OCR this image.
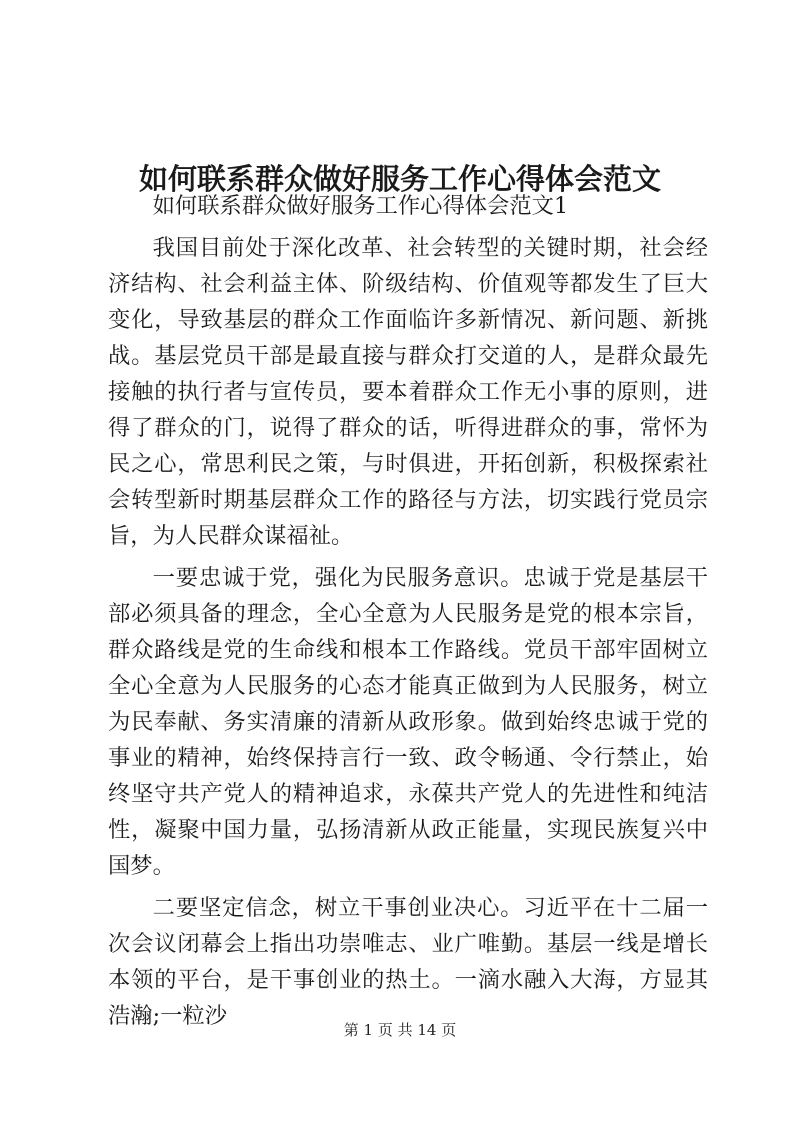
如何联系群众做好服务工作心得体会范文

如何联系群众做好服务工作心得体会范文1

我国目前处于深化改革、社会转型的关键时期，社会经济结构、社会利益主体、阶级结构、价值观等都发生了巨大变化，导致基层的群众工作面临许多新情况、新问题、新挑战。基层党员干部是最直接与群众打交道的人，是群众最先接触的执行者与宣传员，要本着群众工作无小事的原则，进得了群众的门，说得了群众的话，听得进群众的事，常怀为民之心，常思利民之策，与时俱进，开拓创新，积极探索社会转型新时期基层群众工作的路径与方法，切实践行党员宗旨，为人民群众谋福祉。

一要忠诚于党，强化为民服务意识。忠诚于党是基层干部必须具备的理念，全心全意为人民服务是党的根本宗旨，群众路线是党的生命线和根本工作路线。党员干部牢固树立全心全意为人民服务的心态才能真正做到为人民服务，树立为民奉献、务实清廉的清新从政形象。做到始终忠诚于党的事业的精神，始终保持言行一致、政令畅通、令行禁止，始终坚守共产党人的精神追求，永葆共产党人的先进性和纯洁性，凝聚中国力量，弘扬清新从政正能量，实现民族复兴中国梦。

二要坚定信念，树立干事创业决心。习近平在十二届一次会议闭幕会上指出功崇唯志、业广唯勤。基层一线是增长本领的平台，是干事创业的热土。一滴水融入大海，方显其浩瀚;一粒沙

第 1 页 共 14 页
